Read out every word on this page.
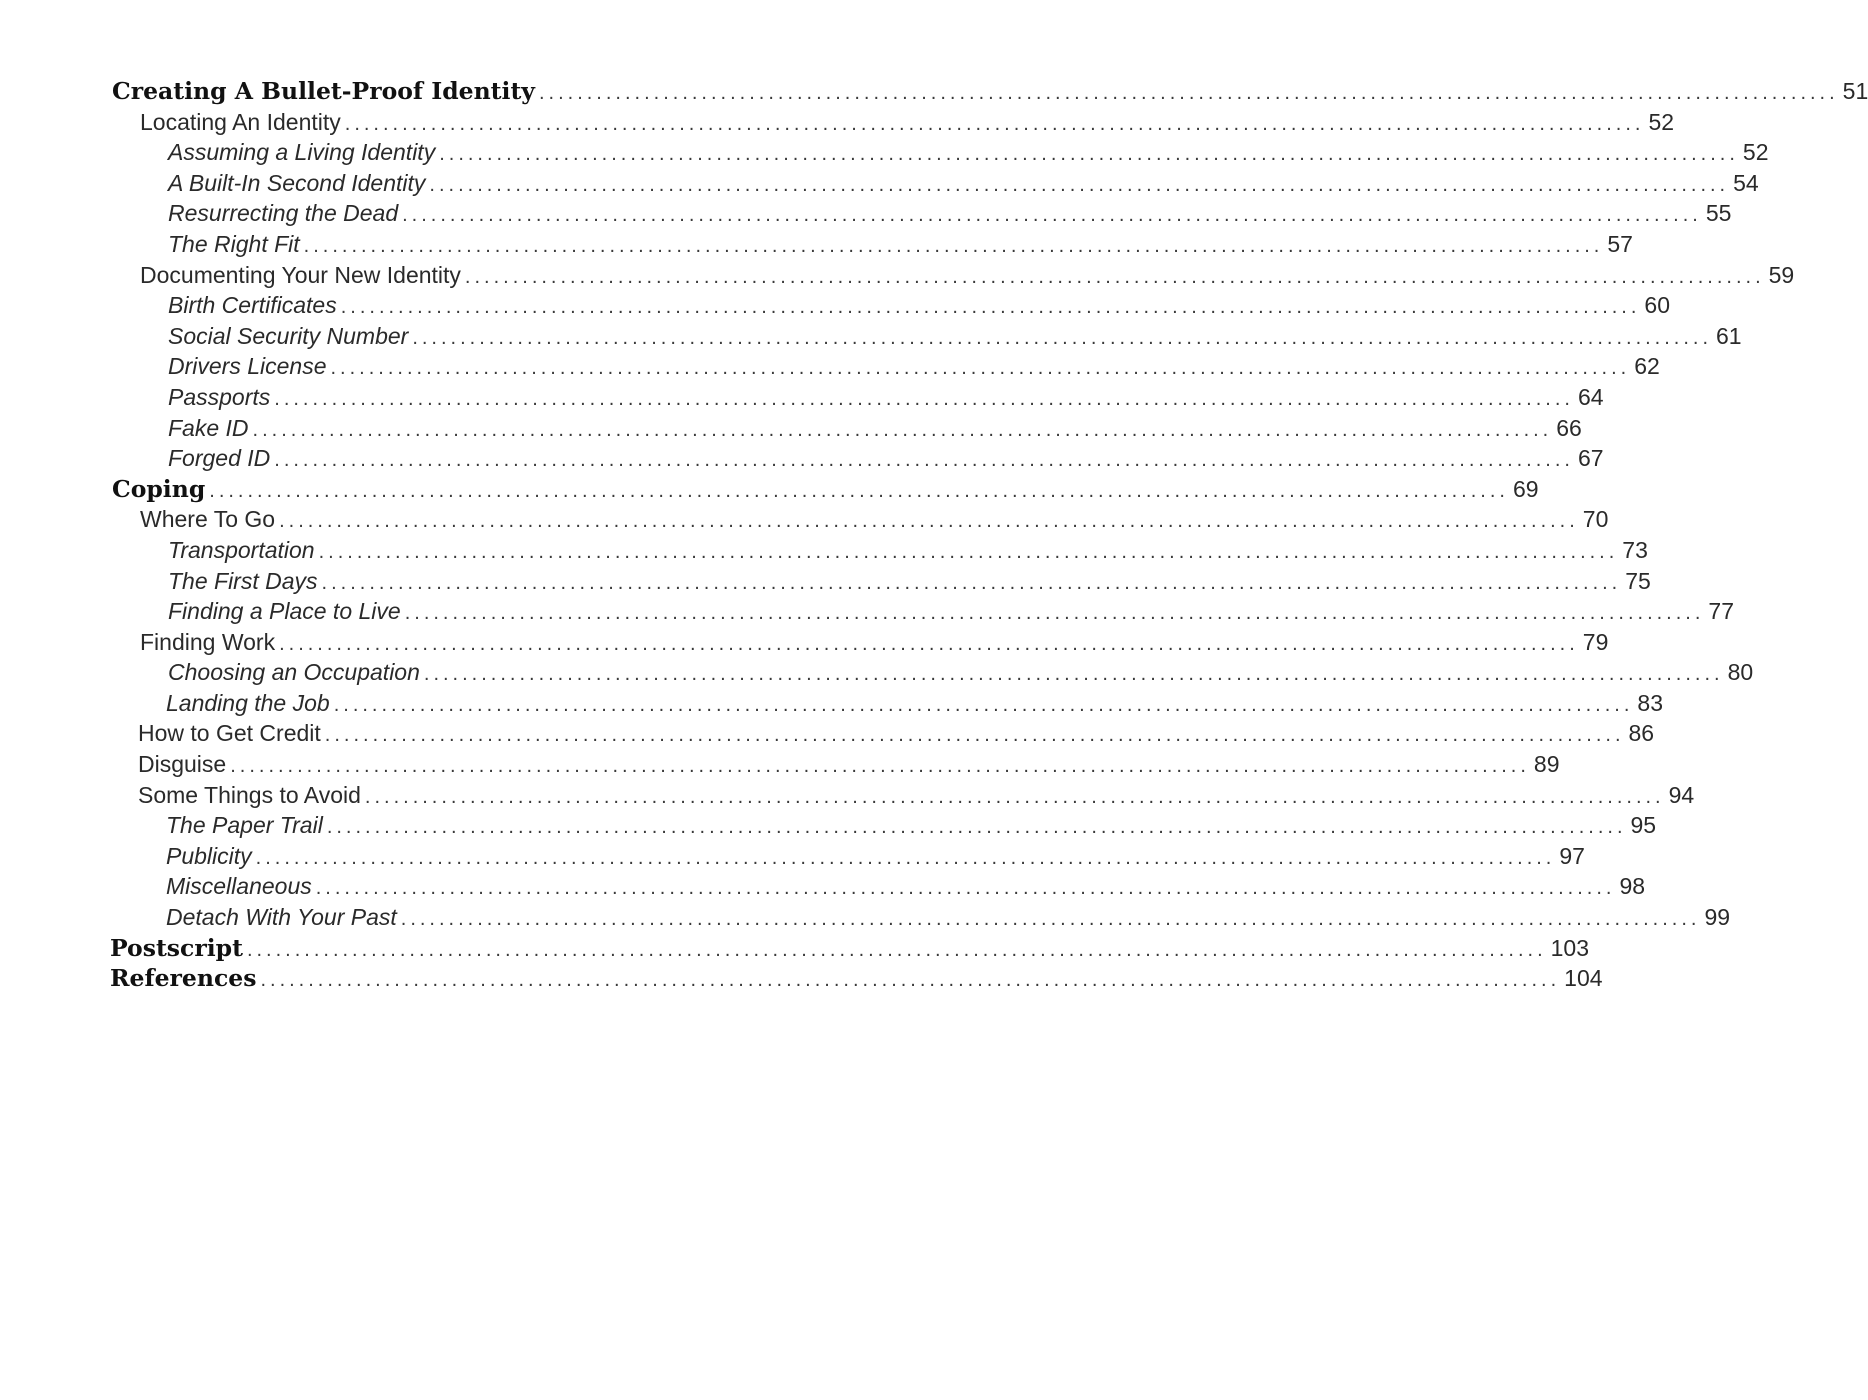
Creating A Bullet-Proof Identity .....	51
Locating An Identity .....	52
Assuming a Living Identity .....	52
A Built-In Second Identity .....	54
Resurrecting the Dead .....	55
The Right Fit .....	57
Documenting Your New Identity .....	59
Birth Certificates .....	60
Social Security Number .....	61
Drivers License .....	62
Passports .....	64
Fake ID .....	66
Forged ID .....	67
Coping .....	69
Where To Go .....	70
Transportation .....	73
The First Days .....	75
Finding a Place to Live .....	77
Finding Work .....	79
Choosing an Occupation .....	80
Landing the Job .....	83
How to Get Credit .....	86
Disguise .....	89
Some Things to Avoid .....	94
The Paper Trail .....	95
Publicity .....	97
Miscellaneous .....	98
Detach With Your Past .....	99
Postscript .....	103
References .....	104
